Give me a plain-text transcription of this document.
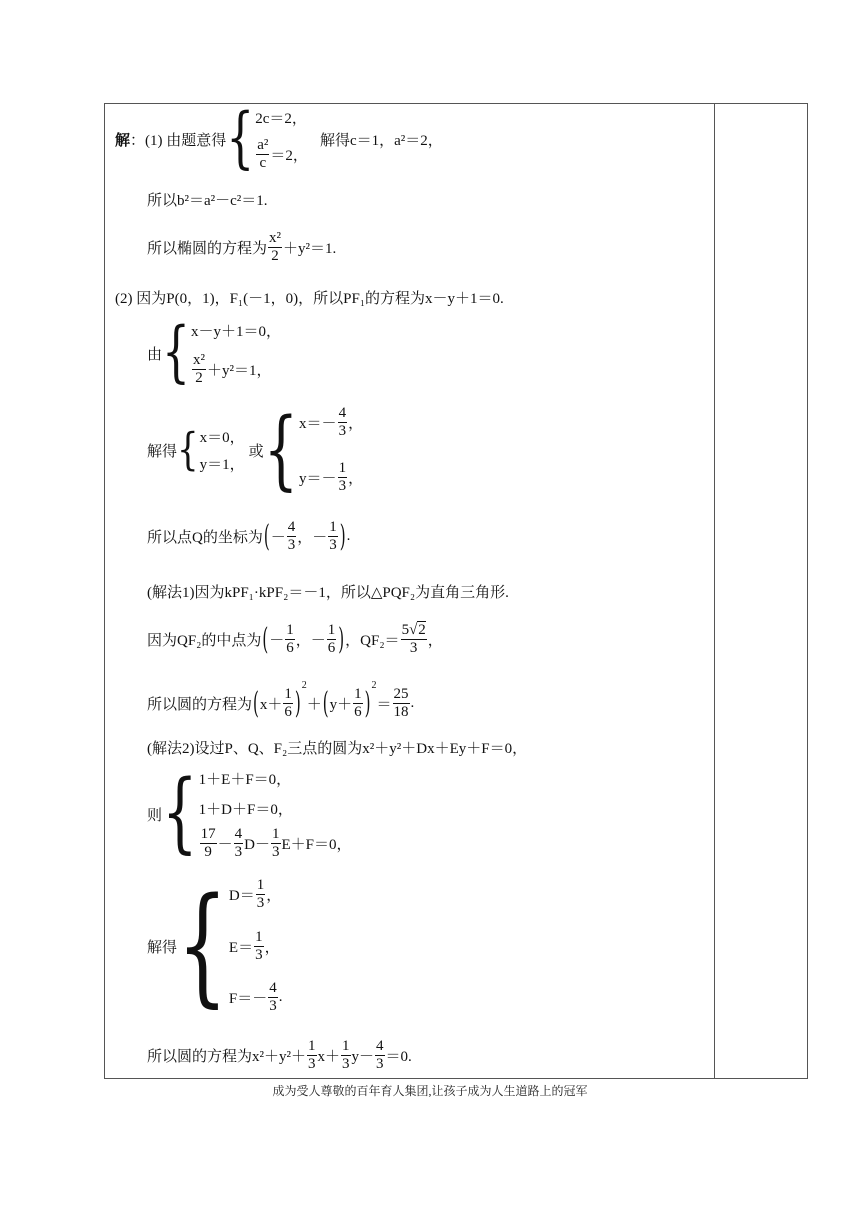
解 ：(1) 由题意得 { 2c＝2，
$\frac{\text{a²}}{c} =2$，
解得c＝1，a²＝2，
所以b²＝a²－c²＝1.
所以椭圆的方程为 $\frac{\text{x²}}{2} +y^2=1$.
(2) 因为P(0，1)，F₁(－1，0)，所以PF₁的方程为x－y＋1＝0.
由 { x－y＋1＝0，
$\frac{\text{x²}}{2} +y^2=1$，
解得 { x＝0，
y＝1，
或 { $x=- \frac{4}{3}$ ，
$y=- \frac{1}{3}$ ，
所以点Q的坐标为 ( － $\frac{4}{3}$ ，－ $\frac{1}{3}$ ) .
(解法1)因为kPF₁·kPF₂＝－1，所以△PQF₂为直角三角形.
因为QF₂的中点为 ( － $\frac{1}{6}$ ，－ $\frac{1}{6}$ ) ，$QF_2= \frac{5√2}{3}$ ，
所以圆的方程为 ( $x+ \frac{1}{6}$ ) 2
＋ ( $y+ \frac{1}{6}$ ) 2
＝ $\frac{25}{18}$ .
(解法2)设过P、Q、F₂三点的圆为x²＋y²＋Dx＋Ey＋F＝0，
则 { 1＋E＋F＝0，
1＋D＋F＝0，
$\frac{17}{9} - \frac{4}{3} D- \frac{1}{3} E+F=0$，
解得 { $D= \frac{1}{3}$ ，
$E= \frac{1}{3}$ ，
$F=- \frac{4}{3}$ .
所以圆的方程为$x^2+y^2+ \frac{1}{3} x+ \frac{1}{3} y- \frac{4}{3} =0$.
成为受人尊敬的百年育人集团,让孩子成为人生道路上的冠军
